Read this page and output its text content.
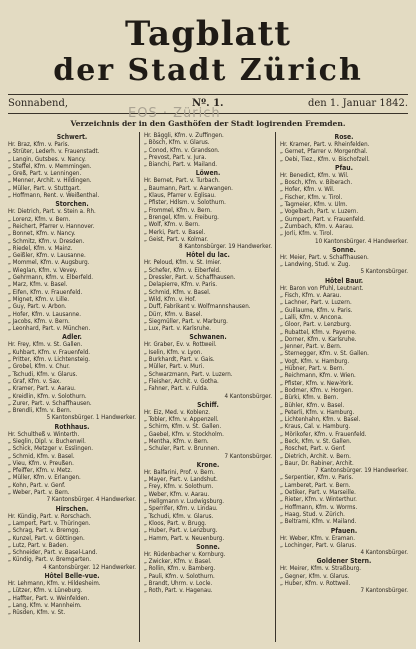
Tagblatt
der Stadt Zürich
Sonnabend,	Nº. 1.	den 1. Januar 1842.
EOS · Zürich
Verzeichnis der in den Gasthöfen der Stadt logirenden Fremden.
Schwert.
Hr. Braz, Kfm. v. Paris.
„ Strüter, Lederh. v. Frauenstadt.
„ Langin, Gutsbes. v. Nancy.
„ Steffel, Kfm. v. Memmingen.
„ Greß, Part. v. Lenningen.
„ Menner, Archit. v. Hildingen.
„ Müller, Part. v. Stuttgart.
„ Hoffmann, Rent. v. Weißenthal.
Storchen.
Hr. Dietrich, Part. v. Stein a. Rh.
„ Lorenz, Kfm. v. Bern.
„ Reichert, Pfarrer v. Hannover.
„ Bonnet, Kfm. v. Nancy.
„ Schmitz, Kfm. v. Dresden.
„ Riedel, Kfm. v. Mainz.
„ Geißler, Kfm. v. Lausanne.
„ Mommel, Kfm. v. Augsburg.
„ Wieglan, Kfm. v. Vevey.
„ Gehrmann, Kfm. v. Elberfeld.
„ Marz, Kfm. v. Basel.
„ Eifen, Kfm. v. Frauenfeld.
„ Mignet, Kfm. v. Lille.
„ Guy, Part. v. Arbon.
„ Hofer, Kfm. v. Lausanne.
„ Jacobs, Kfm. v. Bern.
„ Leonhard, Part. v. München.
Adler.
Hr. Frey, Kfm. v. St. Gallen.
„ Kuhbart, Kfm. v. Frauenfeld.
„ Pritter, Kfm. v. Lichtensteig.
„ Grobel, Kfm. v. Chur.
„ Tschudi, Kfm. v. Glarus.
„ Graf, Kfm. v. Sax.
„ Kramer, Part. v. Aarau.
„ Kreidlin, Kfm. v. Solothurn.
„ Zurer, Part. v. Schaffhausen.
„ Brendli, Kfm. v. Bern.
5 Kantonsbürger. 1 Handwerker.
Rothhaus.
Hr. Schultheß v. Winterth.
„ Sieglin, Dipl. v. Buchenwil.
„ Schick, Metzger v. Esslingen.
„ Schmid, Kfm. v. Basel.
„ Vieu, Kfm. v. Preußen.
„ Pfeiffer, Kfm. v. Metz.
„ Müller, Kfm. v. Erlangen.
„ Kohn, Part. v. Genf.
„ Weber, Part. v. Bern.
7 Kantonsbürger. 4 Handwerker.
Hirschen.
Hr. Kündig, Part. v. Rorschach.
„ Lampert, Part. v. Thüringen.
„ Schrag, Part. v. Bremgg.
„ Kunzel, Part. v. Göttingen.
„ Lutz, Part. v. Baden.
„ Schneider, Part. v. Basel-Land.
„ Kündig, Part. v. Bremgarten.
4 Kantonsbürger. 12 Handwerker.
Hôtel Belle-vue.
Hr. Lehmann, Kfm. v. Hildesheim.
„ Lützer, Kfm. v. Lüneburg.
„ Haffter, Part. v. Weinfelden.
„ Lang, Kfm. v. Mannheim.
„ Rüsden, Kfm. v. St.
Hr. Bäggli, Kfm. v. Zuffingen.
„ Bösch, Kfm. v. Glarus.
„ Conod, Kfm. v. Grandson.
„ Prevost, Part. v. Jura.
„ Bianchi, Part. v. Mailand.
Löwen.
Hr. Bernet, Part. v. Turbach.
„ Baumann, Part. v. Aarwangen.
„ Klaus, Pfarrer v. Eglisau.
„ Pfister, Hdlsm. v. Solothurn.
„ Frommel, Kfm. v. Bern.
„ Brengel, Kfm. v. Freiburg.
„ Wolf, Kfm. v. Bern.
„ Merki, Part. v. Basel.
„ Geist, Part. v. Kolmar.
8 Kantonsbürger. 19 Handwerker.
Hôtel du lac.
Hr. Peloud, Kfm. v. St. Imier.
„ Schefer, Kfm. v. Eiberfeld.
„ Dressler, Part. v. Schaffhausen.
„ Delapierre, Kfm. v. Paris.
„ Schmid, Kfm. v. Basel.
„ Wild, Kfm. v. Hof.
„ Duff, Fabrikant v. Wolfmannshausen.
„ Dürr, Kfm. v. Basel.
„ Siegmüller, Part. v. Marburg.
„ Lux, Part. v. Karlsruhe.
Schwanen.
Hr. Graber, Ev. v. Rottweil.
„ Iselin, Kfm. v. Lyon.
„ Burkhardt, Part. v. Gais.
„ Müller, Part. v. Muri.
„ Schwarzmann, Part. v. Luzern.
„ Fleisher, Archit. v. Gotha.
„ Fahner, Part. v. Fulda.
4 Kantonsbürger.
Schiff.
Hr. Eiz, Med. v. Koblenz.
„ Tobler, Kfm. v. Appenzell.
„ Schirm, Kfm. v. St. Gallen.
„ Gaebel, Kfm. v. Stockholm.
„ Mentha, Kfm. v. Bern.
„ Schuler, Part. v. Brunnen.
7 Kantonsbürger.
Krone.
Hr. Balfarini, Prof. v. Bern.
„ Mayer, Part. v. Landshut.
„ Frey, Kfm. v. Solothurn.
„ Weber, Kfm. v. Aarau.
„ Hellgmann v. Ludwigsburg.
„ Sperrifer, Kfm. v. Lindau.
„ Tschudi, Kfm. v. Glarus.
„ Kloos, Part. v. Brugg.
„ Huber, Part. v. Lenzburg.
„ Hamm, Part. v. Neuenburg.
Sonne.
Hr. Rüdenbacher v. Kornburg.
„ Zwicker, Kfm. v. Basel.
„ Rollin, Kfm. v. Bamberg.
„ Pauli, Kfm. v. Solothurn.
„ Brandt, Uhrm. v. Locle.
„ Roth, Part. v. Hagenau.
Rose.
Hr. Kramer, Part. v. Rheinfelden.
„ Gernet, Pfarrer v. Morgenthal.
„ Oebi, Tiez., Kfm. v. Bischofzell.
Pfau.
Hr. Benedict, Kfm. v. Wil.
„ Bosch, Kfm. v. Biberach.
„ Hofer, Kfm. v. Wil.
„ Fischer, Kfm. v. Tirol.
„ Tagmeier, Kfm. v. Ulm.
„ Vogelbach, Part. v. Luzern.
„ Gumpert, Part. v. Frauenfeld.
„ Zumbach, Kfm. v. Aarau.
„ Jorli, Kfm. v. Tirol.
10 Kantonsbürger. 4 Handwerker.
Sonne.
Hr. Meier, Part. v. Schaffhausen.
„ Landwing, Stud. v. Zug.
5 Kantonsbürger.
Hôtel Baur.
Hr. Baron von Pfuhl, Leutnant.
„ Fisch, Kfm. v. Aarau.
„ Lachner, Part. v. Luzern.
„ Guillaume, Kfm. v. Paris.
„ Lalli, Kfm. v. Ancona.
„ Gloor, Part. v. Lenzburg.
„ Rubattel, Kfm. v. Payerne.
„ Dorner, Kfm. v. Karlsruhe.
„ Jenner, Part. v. Bern.
„ Sternegger, Kfm. v. St. Gallen.
„ Vogt, Kfm. v. Hamburg.
„ Hübner, Part. v. Bern.
„ Reichmann, Kfm. v. Wien.
„ Pfister, Kfm. v. New-York.
„ Bodmer, Kfm. v. Horgen.
„ Bürki, Kfm. v. Bern.
„ Bühler, Kfm. v. Basel.
„ Peterli, Kfm. v. Hamburg.
„ Lichtenhahn, Kfm. v. Basel.
„ Kraus, Cal. v. Hamburg.
„ Mörikofer, Kfm. v. Frauenfeld.
„ Beck, Kfm. v. St. Gallen.
„ Roschet, Part. v. Genf.
„ Dietrich, Archit. v. Bern.
„ Baur, Dr. Rabiner, Archit.
7 Kantonsbürger. 19 Handwerker.
„ Serpentier, Kfm. v. Paris.
„ Lamberet, Part. v. Bern.
„ Oetiker, Part. v. Marseille.
„ Rieter, Kfm. v. Winterthur.
„ Hoffmann, Kfm. v. Worms.
„ Haag, Stud. v. Zürich.
„ Beltrami, Kfm. v. Mailand.
Pfauen.
Hr. Weber, Kfm. v. Eraman.
„ Lochinger, Part. v. Glarus.
4 Kantonsbürger.
Goldener Stern.
Hr. Meirer, Kfm. v. Straßburg.
„ Gegner, Kfm. v. Glarus.
„ Huber, Kfm. v. Rottweil.
7 Kantonsbürger.
